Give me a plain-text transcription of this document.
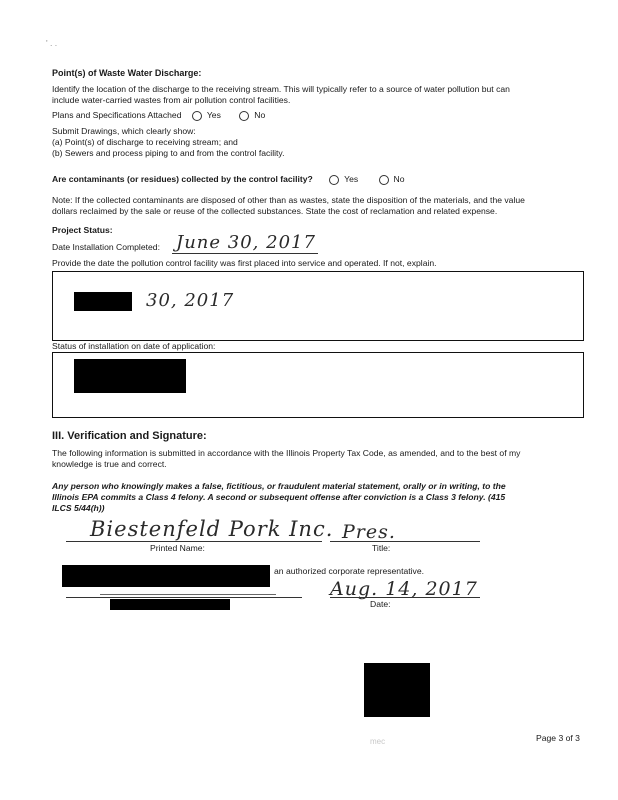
' . .
Point(s) of Waste Water Discharge:
Identify the location of the discharge to the receiving stream. This will typically refer to a source of water pollution but can
include water-carried wastes from air pollution control facilities.
Plans and Specifications Attached	Yes	No
Submit Drawings, which clearly show:
(a) Point(s) of discharge to receiving stream; and
(b) Sewers and process piping to and from the control facility.
Are contaminants (or residues) collected by the control facility?	Yes	No
Note: If the collected contaminants are disposed of other than as wastes, state the disposition of the materials, and the value
dollars reclaimed by the sale or reuse of the collected substances. State the cost of reclamation and related expense.
Project Status:
Date Installation Completed: June 30, 2017
Provide the date the pollution control facility was first placed into service and operated. If not, explain.
30, 2017
Status of installation on date of application:
III. Verification and Signature:
The following information is submitted in accordance with the Illinois Property Tax Code, as amended, and to the best of my
knowledge is true and correct.
Any person who knowingly makes a false, fictitious, or fraudulent material statement, orally or in writing, to the
Illinois EPA commits a Class 4 felony. A second or subsequent offense after conviction is a Class 3 felony. (415
ILCS 5/44(h))
Biestenfeld Pork Inc. Pres.
Printed Name:	Title:
an authorized corporate representative.
Aug. 14, 2017
Date:
mec	Page 3 of 3
